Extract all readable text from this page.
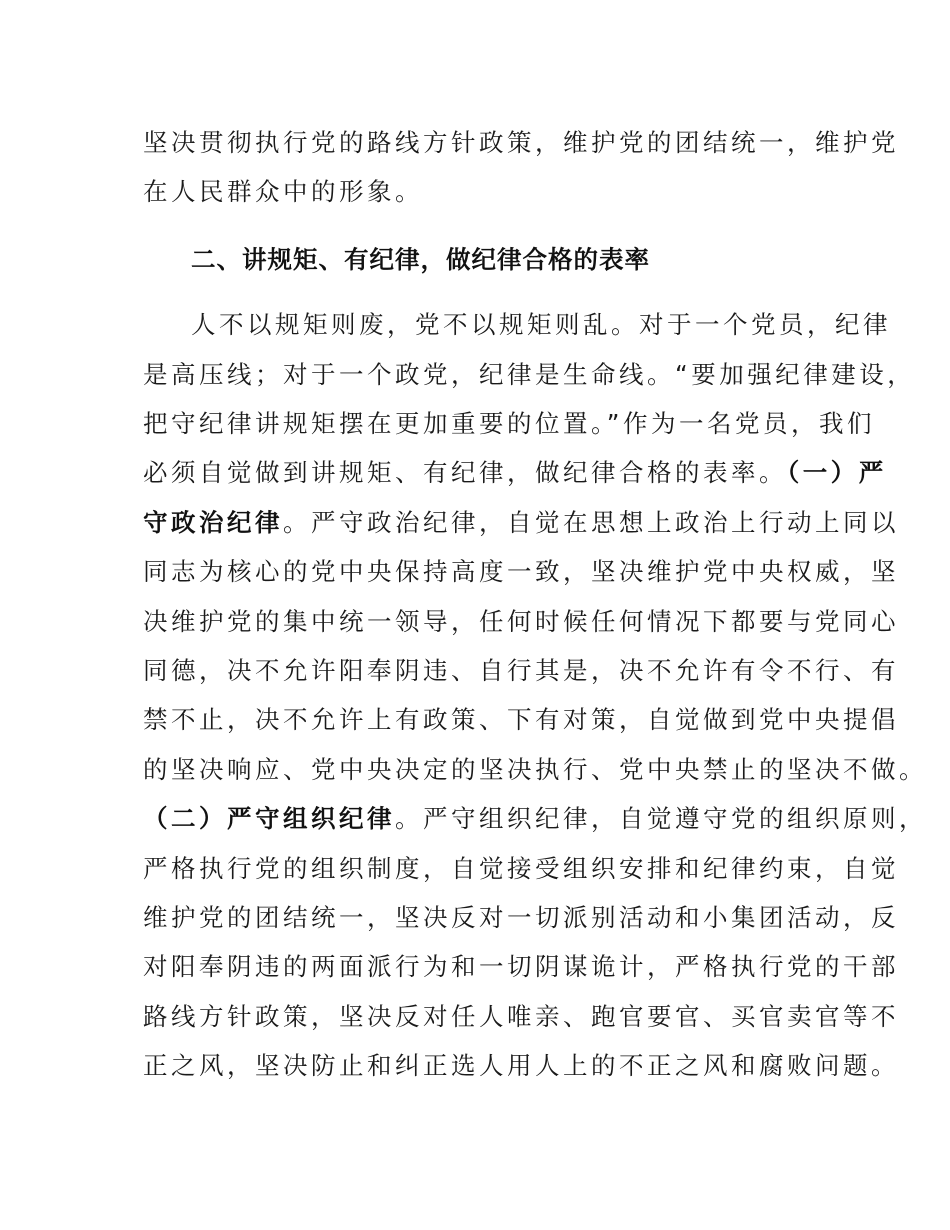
坚决贯彻执行党的路线方针政策，维护党的团结统一，维护党
在人民群众中的形象。
二、讲规矩、有纪律，做纪律合格的表率
人不以规矩则废，党不以规矩则乱。对于一个党员，纪律
是高压线；对于一个政党，纪律是生命线。“要加强纪律建设，
把守纪律讲规矩摆在更加重要的位置。”作为一名党员，我们
必须自觉做到讲规矩、有纪律，做纪律合格的表率。（一）严
守政治纪律。严守政治纪律，自觉在思想上政治上行动上同以
同志为核心的党中央保持高度一致，坚决维护党中央权威，坚
决维护党的集中统一领导，任何时候任何情况下都要与党同心
同德，决不允许阳奉阴违、自行其是，决不允许有令不行、有
禁不止，决不允许上有政策、下有对策，自觉做到党中央提倡
的坚决响应、党中央决定的坚决执行、党中央禁止的坚决不做。
（二）严守组织纪律。严守组织纪律，自觉遵守党的组织原则，
严格执行党的组织制度，自觉接受组织安排和纪律约束，自觉
维护党的团结统一，坚决反对一切派别活动和小集团活动，反
对阳奉阴违的两面派行为和一切阴谋诡计，严格执行党的干部
路线方针政策，坚决反对任人唯亲、跑官要官、买官卖官等不
正之风，坚决防止和纠正选人用人上的不正之风和腐败问题。
